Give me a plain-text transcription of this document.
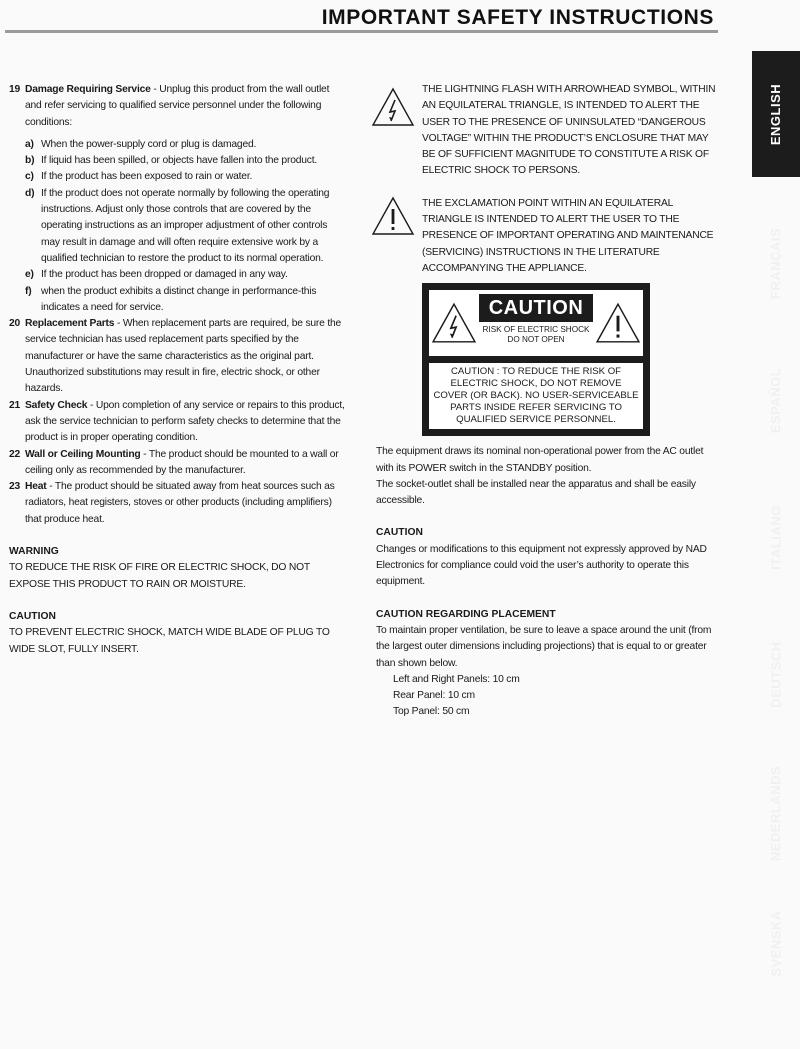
IMPORTANT SAFETY INSTRUCTIONS
ENGLISH
FRANÇAIS
ESPAÑOL
ITALIANO
DEUTSCH
NEDERLANDS
SVENSKA
19 Damage Requiring Service - Unplug this product from the wall outlet and refer servicing to qualified service personnel under the following conditions:
a) When the power-supply cord or plug is damaged.
b) If liquid has been spilled, or objects have fallen into the product.
c) If the product has been exposed to rain or water.
d) If the product does not operate normally by following the operating instructions. Adjust only those controls that are covered by the operating instructions as an improper adjustment of other controls may result in damage and will often require extensive work by a qualified technician to restore the product to its normal operation.
e) If the product has been dropped or damaged in any way.
f) when the product exhibits a distinct change in performance-this indicates a need for service.
20 Replacement Parts - When replacement parts are required, be sure the service technician has used replacement parts specified by the manufacturer or have the same characteristics as the original part. Unauthorized substitutions may result in fire, electric shock, or other hazards.
21 Safety Check - Upon completion of any service or repairs to this product, ask the service technician to perform safety checks to determine that the product is in proper operating condition.
22 Wall or Ceiling Mounting - The product should be mounted to a wall or ceiling only as recommended by the manufacturer.
23 Heat - The product should be situated away from heat sources such as radiators, heat registers, stoves or other products (including amplifiers) that produce heat.
WARNING

TO REDUCE THE RISK OF FIRE OR ELECTRIC SHOCK, DO NOT EXPOSE THIS PRODUCT TO RAIN OR MOISTURE.

CAUTION

TO PREVENT ELECTRIC SHOCK, MATCH WIDE BLADE OF PLUG TO WIDE SLOT, FULLY INSERT.

THE LIGHTNING FLASH WITH ARROWHEAD SYMBOL, WITHIN AN EQUILATERAL TRIANGLE, IS INTENDED TO ALERT THE USER TO THE PRESENCE OF UNINSULATED “DANGEROUS VOLTAGE” WITHIN THE PRODUCT’S ENCLOSURE THAT MAY BE OF SUFFICIENT MAGNITUDE TO CONSTITUTE A RISK OF ELECTRIC SHOCK TO PERSONS.

THE EXCLAMATION POINT WITHIN AN EQUILATERAL TRIANGLE IS INTENDED TO ALERT THE USER TO THE PRESENCE OF IMPORTANT OPERATING AND MAINTENANCE (SERVICING) INSTRUCTIONS IN THE LITERATURE ACCOMPANYING THE APPLIANCE.

CAUTION
RISK OF ELECTRIC SHOCK
DO NOT OPEN
CAUTION : TO REDUCE THE RISK OF
ELECTRIC SHOCK, DO NOT REMOVE
COVER (OR BACK). NO USER-SERVICEABLE
PARTS INSIDE REFER SERVICING TO
QUALIFIED SERVICE PERSONNEL.

The equipment draws its nominal non-operational power from the AC outlet with its POWER switch in the STANDBY position.

The socket-outlet shall be installed near the apparatus and shall be easily accessible.

CAUTION

Changes or modifications to this equipment not expressly approved by NAD Electronics for compliance could void the user’s authority to operate this equipment.

CAUTION REGARDING PLACEMENT

To maintain proper ventilation, be sure to leave a space around the unit (from the largest outer dimensions including projections) that is equal to or greater than shown below.

Left and Right Panels: 10 cm
Rear Panel: 10 cm
Top Panel: 50 cm
